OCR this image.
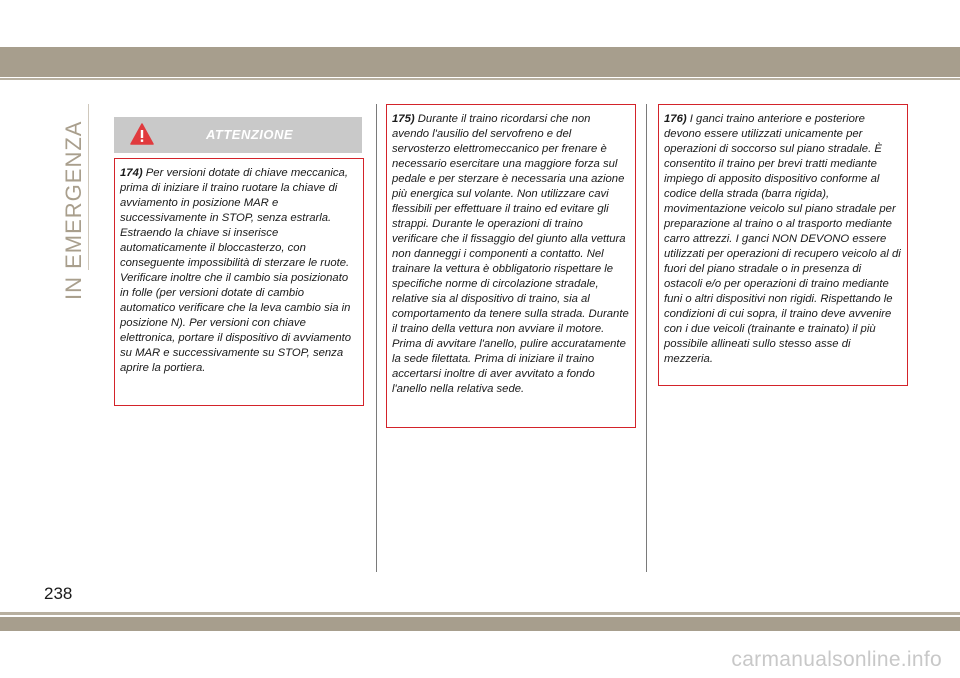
IN EMERGENZA	ATTENZIONE
174) Per versioni dotate di chiave meccanica, prima di iniziare il traino ruotare la chiave di avviamento in posizione MAR e successivamente in STOP, senza estrarla. Estraendo la chiave si inserisce automaticamente il bloccasterzo, con conseguente impossibilità di sterzare le ruote. Verificare inoltre che il cambio sia posizionato in folle (per versioni dotate di cambio automatico verificare che la leva cambio sia in posizione N). Per versioni con chiave elettronica, portare il dispositivo di avviamento su MAR e successivamente su STOP, senza aprire la portiera.
175) Durante il traino ricordarsi che non avendo l'ausilio del servofreno e del servosterzo elettromeccanico per frenare è necessario esercitare una maggiore forza sul pedale e per sterzare è necessaria una azione più energica sul volante. Non utilizzare cavi flessibili per effettuare il traino ed evitare gli strappi. Durante le operazioni di traino verificare che il fissaggio del giunto alla vettura non danneggi i componenti a contatto. Nel trainare la vettura è obbligatorio rispettare le specifiche norme di circolazione stradale, relative sia al dispositivo di traino, sia al comportamento da tenere sulla strada. Durante il traino della vettura non avviare il motore. Prima di avvitare l'anello, pulire accuratamente la sede filettata. Prima di iniziare il traino accertarsi inoltre di aver avvitato a fondo l'anello nella relativa sede.
176) I ganci traino anteriore e posteriore devono essere utilizzati unicamente per operazioni di soccorso sul piano stradale. È consentito il traino per brevi tratti mediante impiego di apposito dispositivo conforme al codice della strada (barra rigida), movimentazione veicolo sul piano stradale per preparazione al traino o al trasporto mediante carro attrezzi. I ganci NON DEVONO essere utilizzati per operazioni di recupero veicolo al di fuori del piano stradale o in presenza di ostacoli e/o per operazioni di traino mediante funi o altri dispositivi non rigidi. Rispettando le condizioni di cui sopra, il traino deve avvenire con i due veicoli (trainante e trainato) il più possibile allineati sullo stesso asse di mezzeria.
238
carmanualsonline.info
